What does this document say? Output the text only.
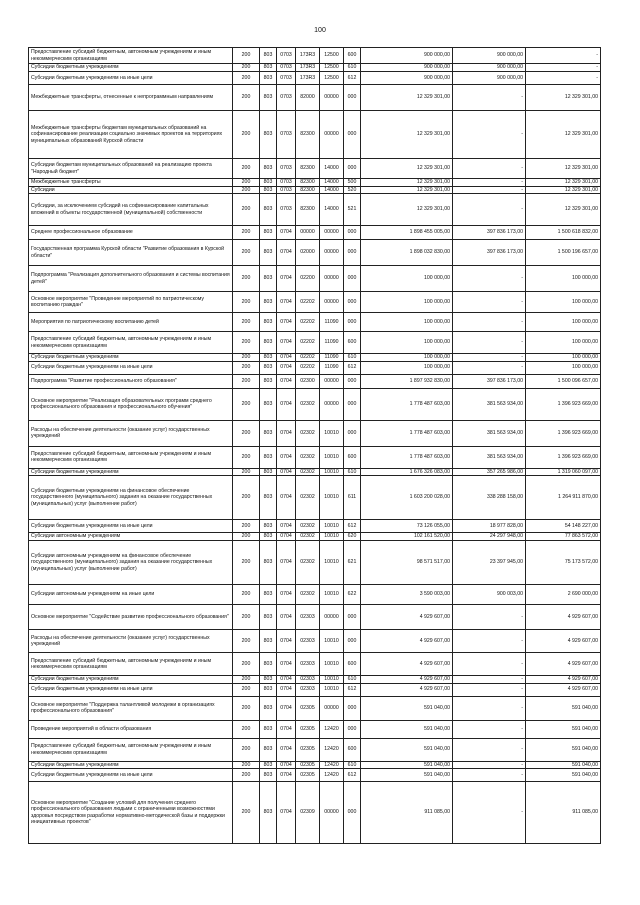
100
Предоставление субсидий бюджетным, автономным учреждениям и иным некоммерческим организациям	200	803	0703	173R3	12500	600	900 000,00	900 000,00	-
Субсидии бюджетным учреждениям	200	803	0703	173R3	12500	610	900 000,00	900 000,00	-
Субсидии бюджетным учреждениям на иные цели	200	803	0703	173R3	12500	612	900 000,00	900 000,00	-
Межбюджетные трансферты, отнесенные к непрограммным направлениям	200	803	0703	82000	00000	000	12 329 301,00	-	12 329 301,00
Межбюджетные трансферты бюджетам муниципальных образований на софинансирование реализации социально значимых проектов на территориях муниципальных образований Курской области	200	803	0703	82300	00000	000	12 329 301,00	-	12 329 301,00
Субсидии бюджетам муниципальных образований на реализацию проекта "Народный бюджет"	200	803	0703	82300	14000	000	12 329 301,00	-	12 329 301,00
Межбюджетные трансферты	200	803	0703	82300	14000	500	12 329 301,00	-	12 329 301,00
Субсидии	200	803	0703	82300	14000	520	12 329 301,00	-	12 329 301,00
Субсидии, за исключением субсидий на софинансирование капитальных вложений в объекты государственной (муниципальной) собственности	200	803	0703	82300	14000	521	12 329 301,00	-	12 329 301,00
Среднее профессиональное образование	200	803	0704	00000	00000	000	1 898 455 005,00	397 836 173,00	1 500 618 832,00
Государственная программа Курской области "Развитие образования в Курской области"	200	803	0704	02000	00000	000	1 898 032 830,00	397 836 173,00	1 500 196 657,00
Подпрограмма "Реализация дополнительного образования и системы воспитания детей"	200	803	0704	02200	00000	000	100 000,00	-	100 000,00
Основное мероприятие "Проведение мероприятий по патриотическому воспитанию граждан"	200	803	0704	02202	00000	000	100 000,00	-	100 000,00
Мероприятия по патриотическому воспитанию детей	200	803	0704	02202	11090	000	100 000,00	-	100 000,00
Предоставление субсидий бюджетным, автономным учреждениям и иным некоммерческим организациям	200	803	0704	02202	11090	600	100 000,00	-	100 000,00
Субсидии бюджетным учреждениям	200	803	0704	02202	11090	610	100 000,00	-	100 000,00
Субсидии бюджетным учреждениям на иные цели	200	803	0704	02202	11090	612	100 000,00	-	100 000,00
Подпрограмма "Развитие профессионального образования"	200	803	0704	02300	00000	000	1 897 932 830,00	397 836 173,00	1 500 096 657,00
Основное мероприятие "Реализация образовательных программ среднего профессионального образования и профессионального обучения"	200	803	0704	02302	00000	000	1 778 487 603,00	381 563 934,00	1 396 923 669,00
Расходы на обеспечение деятельности (оказание услуг) государственных учреждений	200	803	0704	02302	10010	000	1 778 487 603,00	381 563 934,00	1 396 923 669,00
Предоставление субсидий бюджетным, автономным учреждениям и иным некоммерческим организациям	200	803	0704	02302	10010	600	1 778 487 603,00	381 563 934,00	1 396 923 669,00
Субсидии бюджетным учреждениям	200	803	0704	02302	10010	610	1 676 326 083,00	357 265 986,00	1 319 060 097,00
Субсидии бюджетным учреждениям на финансовое обеспечение государственного (муниципального) задания на оказание государственных (муниципальных) услуг (выполнение работ)	200	803	0704	02302	10010	611	1 603 200 028,00	338 288 158,00	1 264 911 870,00
Субсидии бюджетным учреждениям на иные цели	200	803	0704	02302	10010	612	73 126 055,00	18 977 828,00	54 148 227,00
Субсидии автономным учреждениям	200	803	0704	02302	10010	620	102 161 520,00	24 297 948,00	77 863 572,00
Субсидии автономным учреждениям на финансовое обеспечение государственного (муниципального) задания на оказание государственных (муниципальных) услуг (выполнение работ)	200	803	0704	02302	10010	621	98 571 517,00	23 397 945,00	75 173 572,00
Субсидии автономным учреждениям на иные цели	200	803	0704	02302	10010	622	3 590 003,00	900 003,00	2 690 000,00
Основное мероприятие "Содействие развитию профессионального образования"	200	803	0704	02303	00000	000	4 929 607,00	-	4 929 607,00
Расходы на обеспечение деятельности (оказание услуг) государственных учреждений	200	803	0704	02303	10010	000	4 929 607,00	-	4 929 607,00
Предоставление субсидий бюджетным, автономным учреждениям и иным некоммерческим организациям	200	803	0704	02303	10010	600	4 929 607,00	-	4 929 607,00
Субсидии бюджетным учреждениям	200	803	0704	02303	10010	610	4 929 607,00	-	4 929 607,00
Субсидии бюджетным учреждениям на иные цели	200	803	0704	02303	10010	612	4 929 607,00	-	4 929 607,00
Основное мероприятие "Поддержка талантливой молодежи в организациях профессионального образования"	200	803	0704	02305	00000	000	591 040,00	-	591 040,00
Проведение мероприятий в области образования	200	803	0704	02305	12420	000	591 040,00	-	591 040,00
Предоставление субсидий бюджетным, автономным учреждениям и иным некоммерческим организациям	200	803	0704	02305	12420	600	591 040,00	-	591 040,00
Субсидии бюджетным учреждениям	200	803	0704	02305	12420	610	591 040,00	-	591 040,00
Субсидии бюджетным учреждениям на иные цели	200	803	0704	02305	12420	612	591 040,00	-	591 040,00
Основное мероприятие "Создание условий для получения среднего профессионального образования людьми с ограниченными возможностями здоровья посредством разработки нормативно-методической базы и поддержки инициативных проектов"	200	803	0704	02309	00000	000	911 085,00	-	911 085,00
